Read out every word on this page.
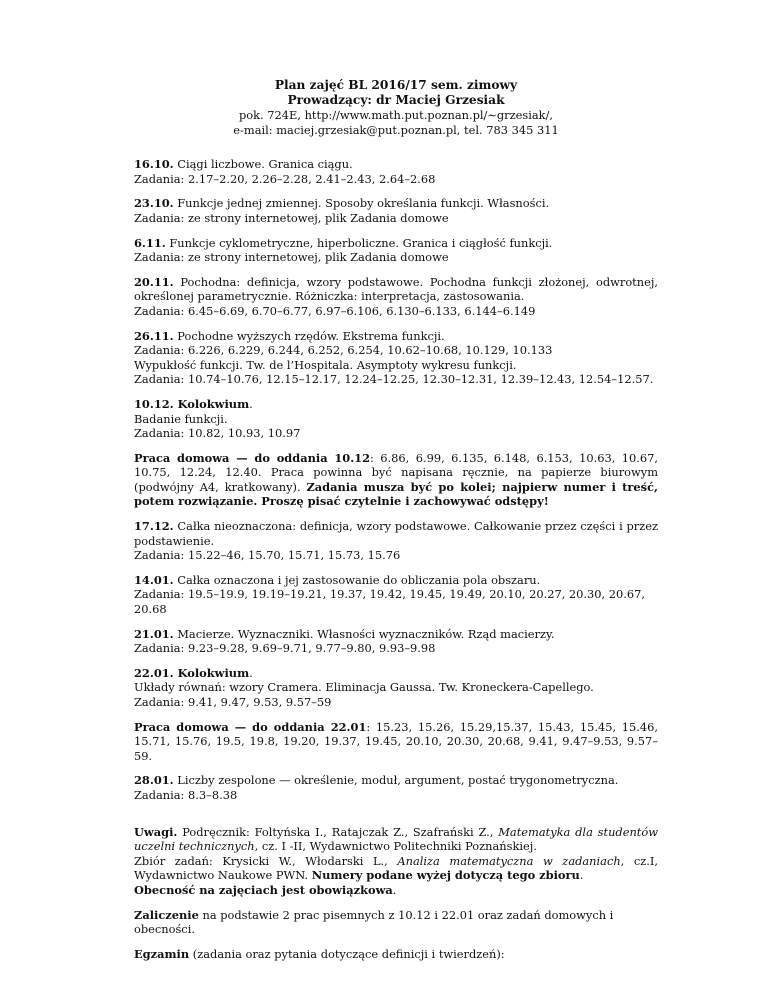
Plan zajęć BL 2016/17 sem. zimowy
Prowadzący: dr Maciej Grzesiak
pok. 724E, http://www.math.put.poznan.pl/∼grzesiak/,
e-mail: maciej.grzesiak@put.poznan.pl, tel. 783 345 311

16.10. Ciągi liczbowe. Granica ciągu.

Zadania: 2.17–2.20, 2.26–2.28, 2.41–2.43, 2.64–2.68

23.10. Funkcje jednej zmiennej. Sposoby określania funkcji. Własności.

Zadania: ze strony internetowej, plik Zadania domowe

6.11. Funkcje cyklometryczne, hiperboliczne. Granica i ciągłość funkcji.

Zadania: ze strony internetowej, plik Zadania domowe

20.11. Pochodna: definicja, wzory podstawowe. Pochodna funkcji złożonej, odwrotnej, określonej parametrycznie. Różniczka: interpretacja, zastosowania.

Zadania: 6.45–6.69, 6.70–6.77, 6.97–6.106, 6.130–6.133, 6.144–6.149

26.11. Pochodne wyższych rzędów. Ekstrema funkcji.

Zadania: 6.226, 6.229, 6.244, 6.252, 6.254, 10.62–10.68, 10.129, 10.133

Wypukłość funkcji. Tw. de l’Hospitala. Asymptoty wykresu funkcji.

Zadania: 10.74–10.76, 12.15–12.17, 12.24–12.25, 12.30–12.31, 12.39–12.43, 12.54–12.57.

10.12. Kolokwium.

Badanie funkcji.

Zadania: 10.82, 10.93, 10.97

Praca domowa — do oddania 10.12: 6.86, 6.99, 6.135, 6.148, 6.153, 10.63, 10.67, 10.75, 12.24, 12.40. Praca powinna być napisana ręcznie, na papierze biurowym (podwójny A4, kratkowany). Zadania musza być po kolei; najpierw numer i treść, potem rozwiązanie. Proszę pisać czytelnie i zachowywać odstępy!

17.12. Całka nieoznaczona: definicja, wzory podstawowe. Całkowanie przez części i przez podstawienie.

Zadania: 15.22–46, 15.70, 15.71, 15.73, 15.76

14.01. Całka oznaczona i jej zastosowanie do obliczania pola obszaru.

Zadania: 19.5–19.9, 19.19–19.21, 19.37, 19.42, 19.45, 19.49, 20.10, 20.27, 20.30, 20.67, 20.68

21.01. Macierze. Wyznaczniki. Własności wyznaczników. Rząd macierzy.

Zadania: 9.23–9.28, 9.69–9.71, 9.77–9.80, 9.93–9.98

22.01. Kolokwium.

Układy równań: wzory Cramera. Eliminacja Gaussa. Tw. Kroneckera-Capellego.

Zadania: 9.41, 9.47, 9.53, 9.57–59

Praca domowa — do oddania 22.01: 15.23, 15.26, 15.29,15.37, 15.43, 15.45, 15.46, 15.71, 15.76, 19.5, 19.8, 19.20, 19.37, 19.45, 20.10, 20.30, 20.68, 9.41, 9.47–9.53, 9.57–59.

28.01. Liczby zespolone — określenie, moduł, argument, postać trygonometryczna.

Zadania: 8.3–8.38

Uwagi. Podręcznik: Foltyńska I., Ratajczak Z., Szafrański Z., Matematyka dla studentów uczelni technicznych, cz. I -II, Wydawnictwo Politechniki Poznańskiej.

Zbiór zadań: Krysicki W., Włodarski L., Analiza matematyczna w zadaniach, cz.I, Wydawnictwo Naukowe PWN. Numery podane wyżej dotyczą tego zbioru.

Obecność na zajęciach jest obowiązkowa.

Zaliczenie na podstawie 2 prac pisemnych z 10.12 i 22.01 oraz zadań domowych i obecności.

Egzamin (zadania oraz pytania dotyczące definicji i twierdzeń):
